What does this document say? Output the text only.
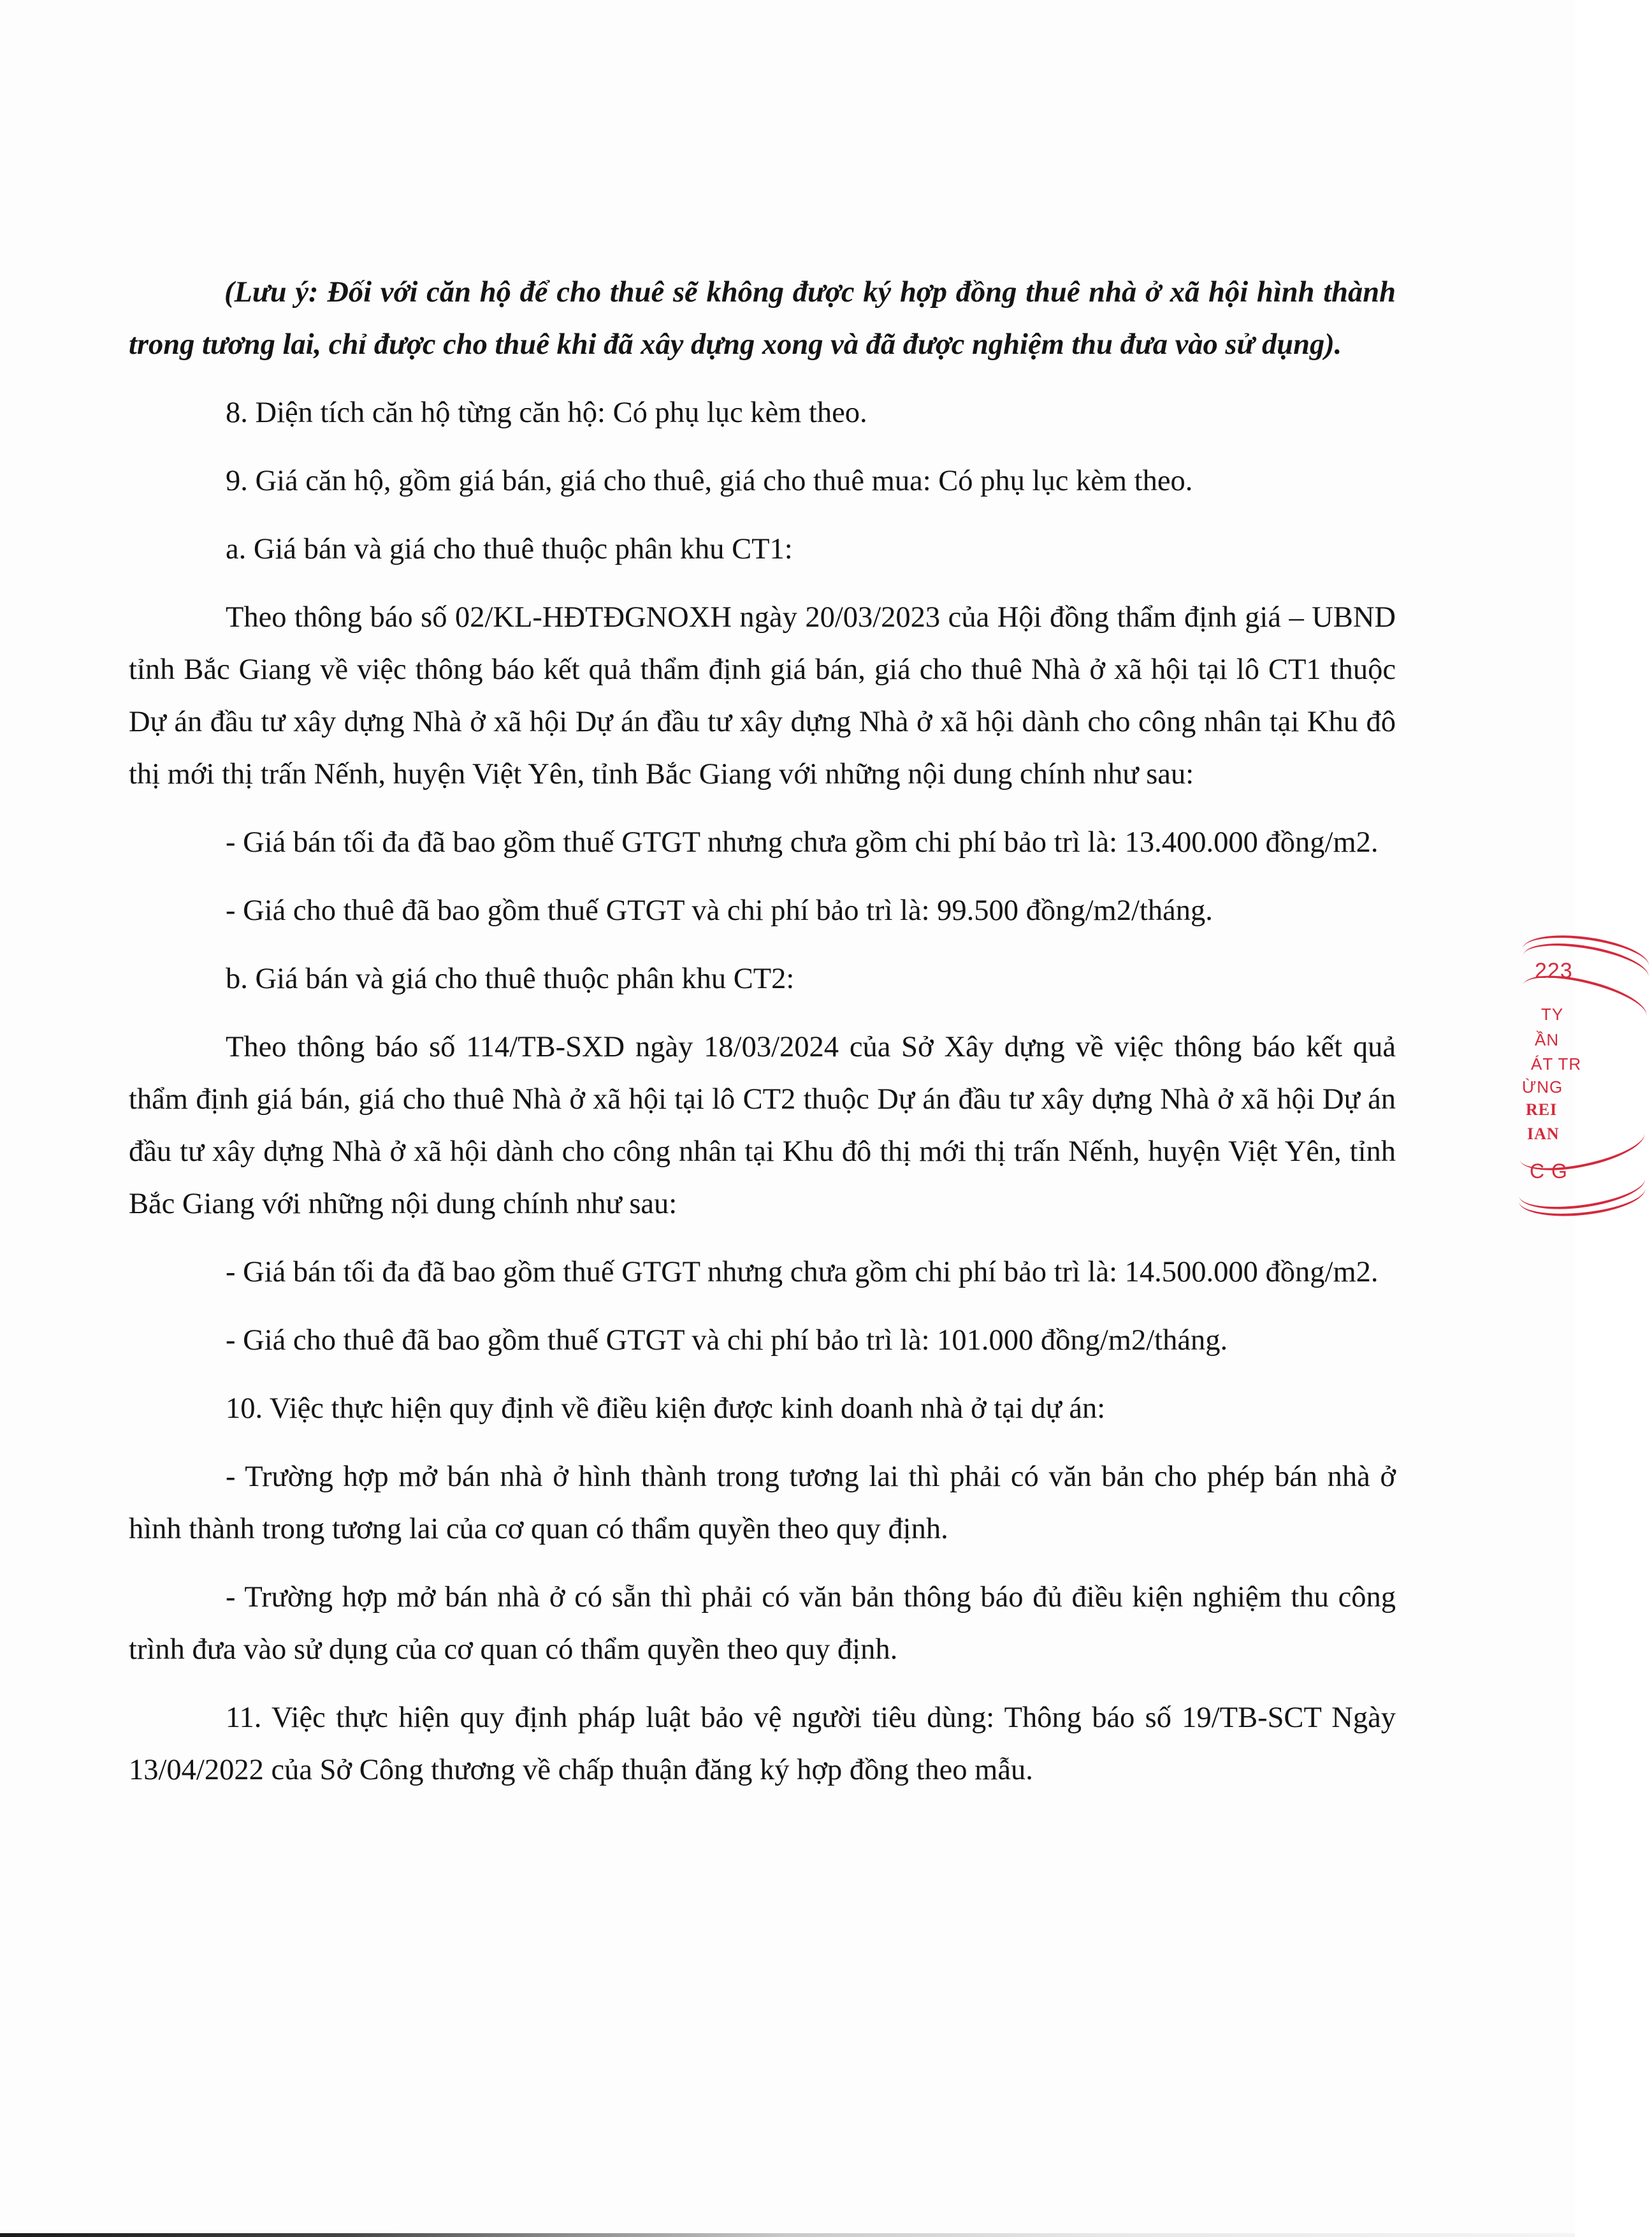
(Lưu ý: Đối với căn hộ để cho thuê sẽ không được ký hợp đồng thuê nhà ở xã hội hình thành trong tương lai, chỉ được cho thuê khi đã xây dựng xong và đã được nghiệm thu đưa vào sử dụng).

8. Diện tích căn hộ từng căn hộ: Có phụ lục kèm theo.

9. Giá căn hộ, gồm giá bán, giá cho thuê, giá cho thuê mua: Có phụ lục kèm theo.

a. Giá bán và giá cho thuê thuộc phân khu CT1:

Theo thông báo số 02/KL-HĐTĐGNOXH ngày 20/03/2023 của Hội đồng thẩm định giá – UBND tỉnh Bắc Giang về việc thông báo kết quả thẩm định giá bán, giá cho thuê Nhà ở xã hội tại lô CT1 thuộc Dự án đầu tư xây dựng Nhà ở xã hội Dự án đầu tư xây dựng Nhà ở xã hội dành cho công nhân tại Khu đô thị mới thị trấn Nếnh, huyện Việt Yên, tỉnh Bắc Giang với những nội dung chính như sau:

- Giá bán tối đa đã bao gồm thuế GTGT nhưng chưa gồm chi phí bảo trì là: 13.400.000 đồng/m2.

- Giá cho thuê đã bao gồm thuế GTGT và chi phí bảo trì là: 99.500 đồng/m2/tháng.

b. Giá bán và giá cho thuê thuộc phân khu CT2:

Theo thông báo số 114/TB-SXD ngày 18/03/2024 của Sở Xây dựng về việc thông báo kết quả thẩm định giá bán, giá cho thuê Nhà ở xã hội tại lô CT2 thuộc Dự án đầu tư xây dựng Nhà ở xã hội Dự án đầu tư xây dựng Nhà ở xã hội dành cho công nhân tại Khu đô thị mới thị trấn Nếnh, huyện Việt Yên, tỉnh Bắc Giang với những nội dung chính như sau:

- Giá bán tối đa đã bao gồm thuế GTGT nhưng chưa gồm chi phí bảo trì là: 14.500.000 đồng/m2.

- Giá cho thuê đã bao gồm thuế GTGT và chi phí bảo trì là: 101.000 đồng/m2/tháng.

10. Việc thực hiện quy định về điều kiện được kinh doanh nhà ở tại dự án:

- Trường hợp mở bán nhà ở hình thành trong tương lai thì phải có văn bản cho phép bán nhà ở hình thành trong tương lai của cơ quan có thẩm quyền theo quy định.

- Trường hợp mở bán nhà ở có sẵn thì phải có văn bản thông báo đủ điều kiện nghiệm thu công trình đưa vào sử dụng của cơ quan có thẩm quyền theo quy định.

11. Việc thực hiện quy định pháp luật bảo vệ người tiêu dùng: Thông báo số 19/TB-SCT Ngày 13/04/2022 của Sở Công thương về chấp thuận đăng ký hợp đồng theo mẫu.

223
TY
ẦN
ÁT TR
ỪNG
REI
IAN
C G
